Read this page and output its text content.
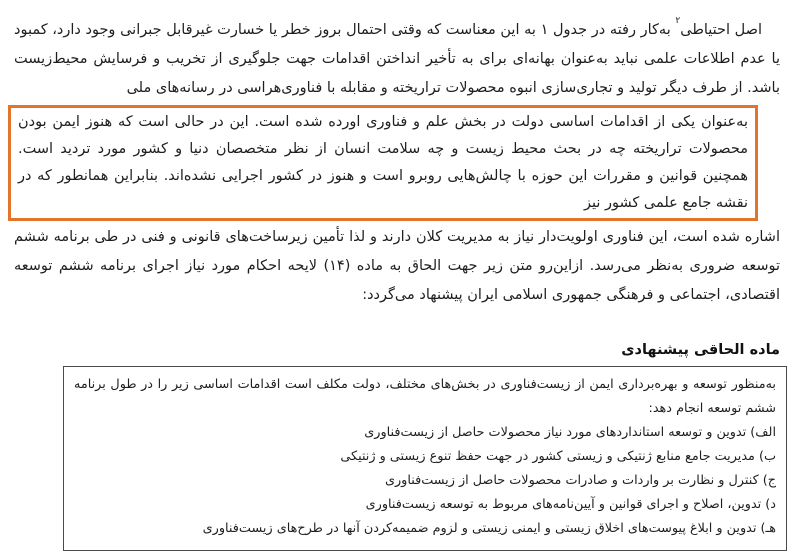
اصل احتیاطی$^۲$ به‌کار رفته در جدول ۱ به این معناست که وقتی احتمال بروز خطر یا خسارت غیرقابل جبرانی وجود دارد، کمبود یا عدم اطلاعات علمی نباید به‌عنوان بهانه‌ای برای به تأخیر انداختن اقدامات جهت جلوگیری از تخریب و فرسایش محیط‌زیست باشد. از طرف دیگر تولید و تجاری‌سازی انبوه محصولات تراریخته و مقابله با فناوری‌هراسی در رسانه‌های ملی

به‌عنوان یکی از اقدامات اساسی دولت در بخش علم و فناوری اورده شده است. این در حالی است که هنوز ایمن بودن محصولات تراریخته چه در بحث محیط زیست و چه سلامت انسان از نظر متخصصان دنیا و کشور مورد تردید است. همچنین قوانین و مقررات این حوزه با چالش‌هایی روبرو است و هنوز در کشور اجرایی نشده‌اند. بنابراین همانطور که در نقشه جامع علمی کشور نیز

اشاره شده است، این فناوری اولویت‌دار نیاز به مدیریت کلان دارند و لذا تأمین زیرساخت‌های قانونی و فنی در طی برنامه ششم توسعه ضروری به‌نظر می‌رسد. ازاین‌رو متن زیر جهت الحاق به ماده (۱۴) لایحه احکام مورد نیاز اجرای برنامه ششم توسعه اقتصادی، اجتماعی و فرهنگی جمهوری اسلامی ایران پیشنهاد می‌گردد:

ماده الحاقی پیشنهادی

به‌منظور توسعه و بهره‌برداری ایمن از زیست‌فناوری در بخش‌های مختلف، دولت مکلف است اقدامات اساسی زیر را در طول برنامه ششم توسعه انجام دهد:

الف) تدوین و توسعه استانداردهای مورد نیاز محصولات حاصل از زیست‌فناوری
ب) مدیریت جامع منابع ژنتیکی و زیستی کشور در جهت حفظ تنوع زیستی و ژنتیکی
ج) کنترل و نظارت بر واردات و صادرات محصولات حاصل از زیست‌فناوری
د) تدوین، اصلاح و اجرای قوانین و آیین‌نامه‌های مربوط به توسعه زیست‌فناوری
هـ) تدوین و ابلاغ پیوست‌های اخلاق زیستی و ایمنی زیستی و لزوم ضمیمه‌کردن آنها در طرح‌های زیست‌فناوری
